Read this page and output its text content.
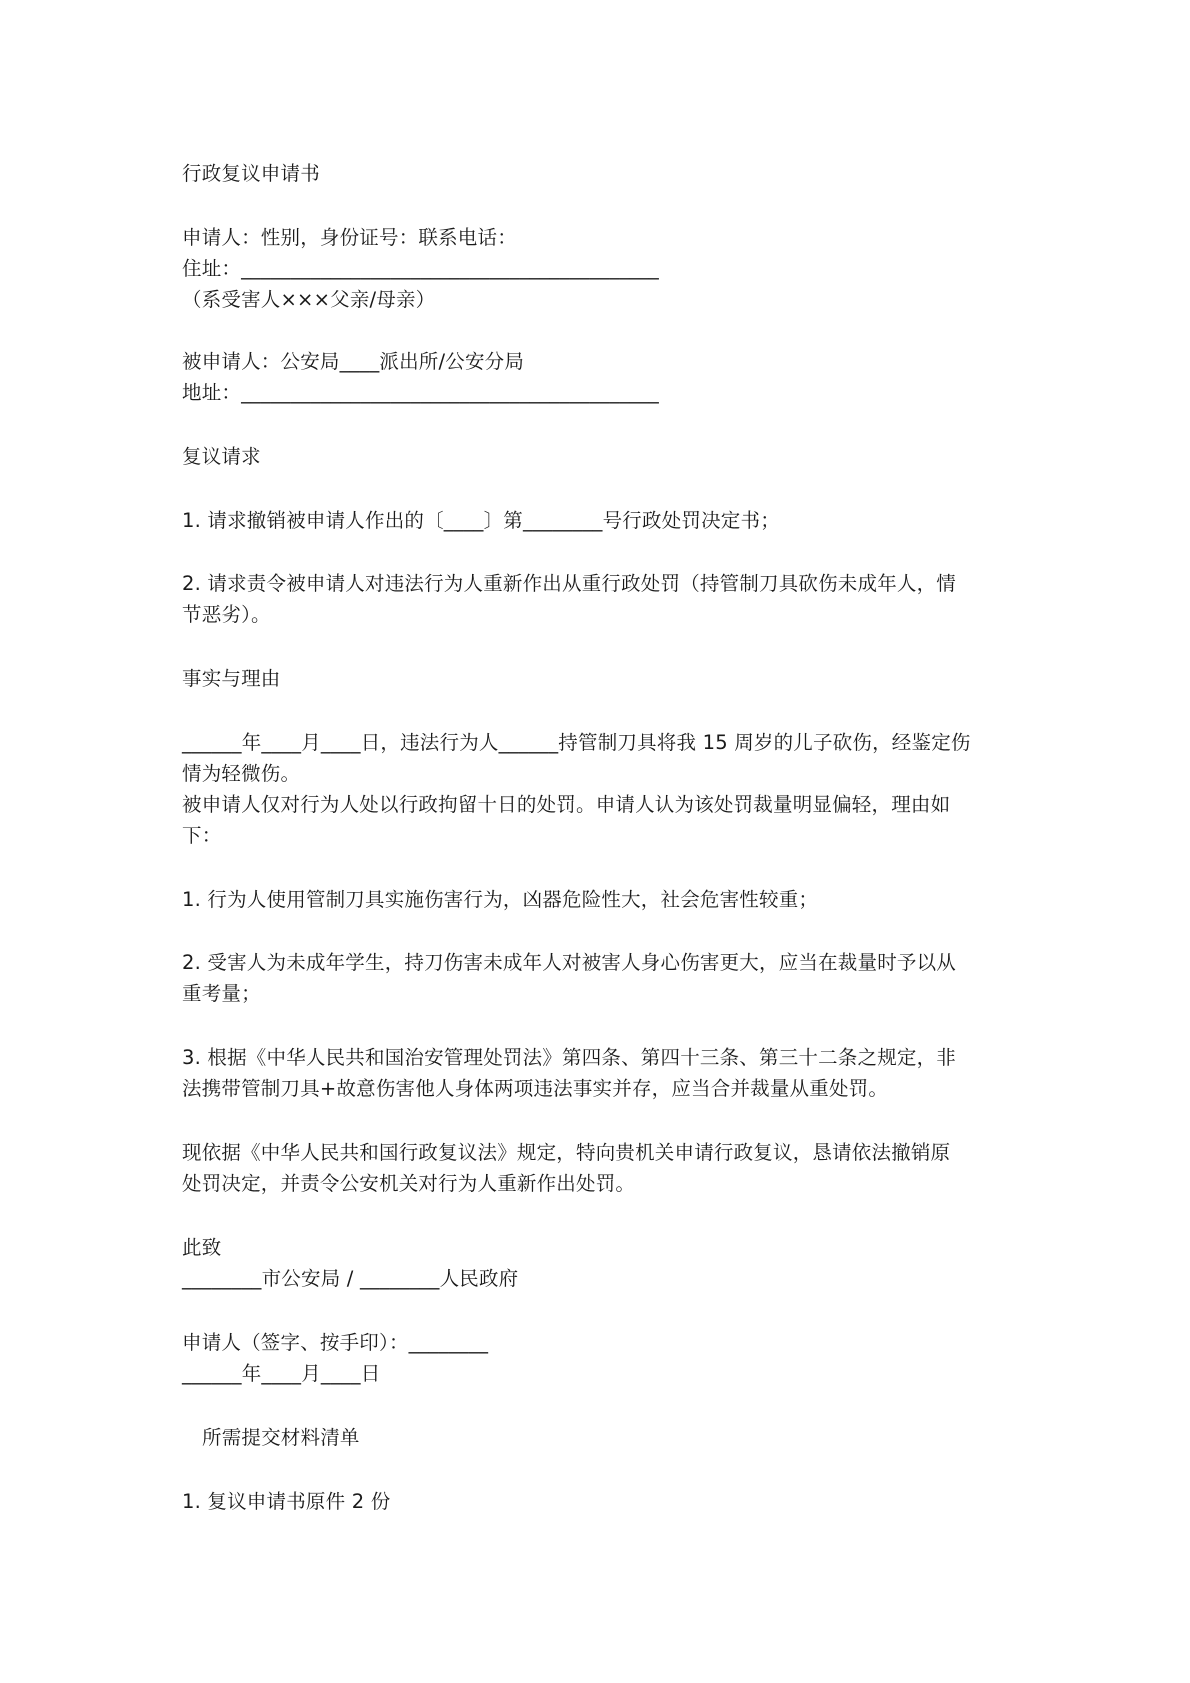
行政复议申请书
申请人：性别，身份证号：联系电话：
住址：__________________________________________
（系受害人×××父亲/母亲）
被申请人：公安局____派出所/公安分局
地址：__________________________________________
复议请求
1. 请求撤销被申请人作出的〔____〕第________号行政处罚决定书；
2. 请求责令被申请人对违法行为人重新作出从重行政处罚（持管制刀具砍伤未成年人，情
节恶劣）。
事实与理由
______年____月____日，违法行为人______持管制刀具将我 15 周岁的儿子砍伤，经鉴定伤
情为轻微伤。
被申请人仅对行为人处以行政拘留十日的处罚。申请人认为该处罚裁量明显偏轻，理由如
下：
1. 行为人使用管制刀具实施伤害行为，凶器危险性大，社会危害性较重；
2. 受害人为未成年学生，持刀伤害未成年人对被害人身心伤害更大，应当在裁量时予以从
重考量；
3. 根据《中华人民共和国治安管理处罚法》第四条、第四十三条、第三十二条之规定，非
法携带管制刀具+故意伤害他人身体两项违法事实并存，应当合并裁量从重处罚。
现依据《中华人民共和国行政复议法》规定，特向贵机关申请行政复议，恳请依法撤销原
处罚决定，并责令公安机关对行为人重新作出处罚。
此致
________市公安局 / ________人民政府
申请人（签字、按手印）：________
______年____月____日
所需提交材料清单
1. 复议申请书原件 2 份
